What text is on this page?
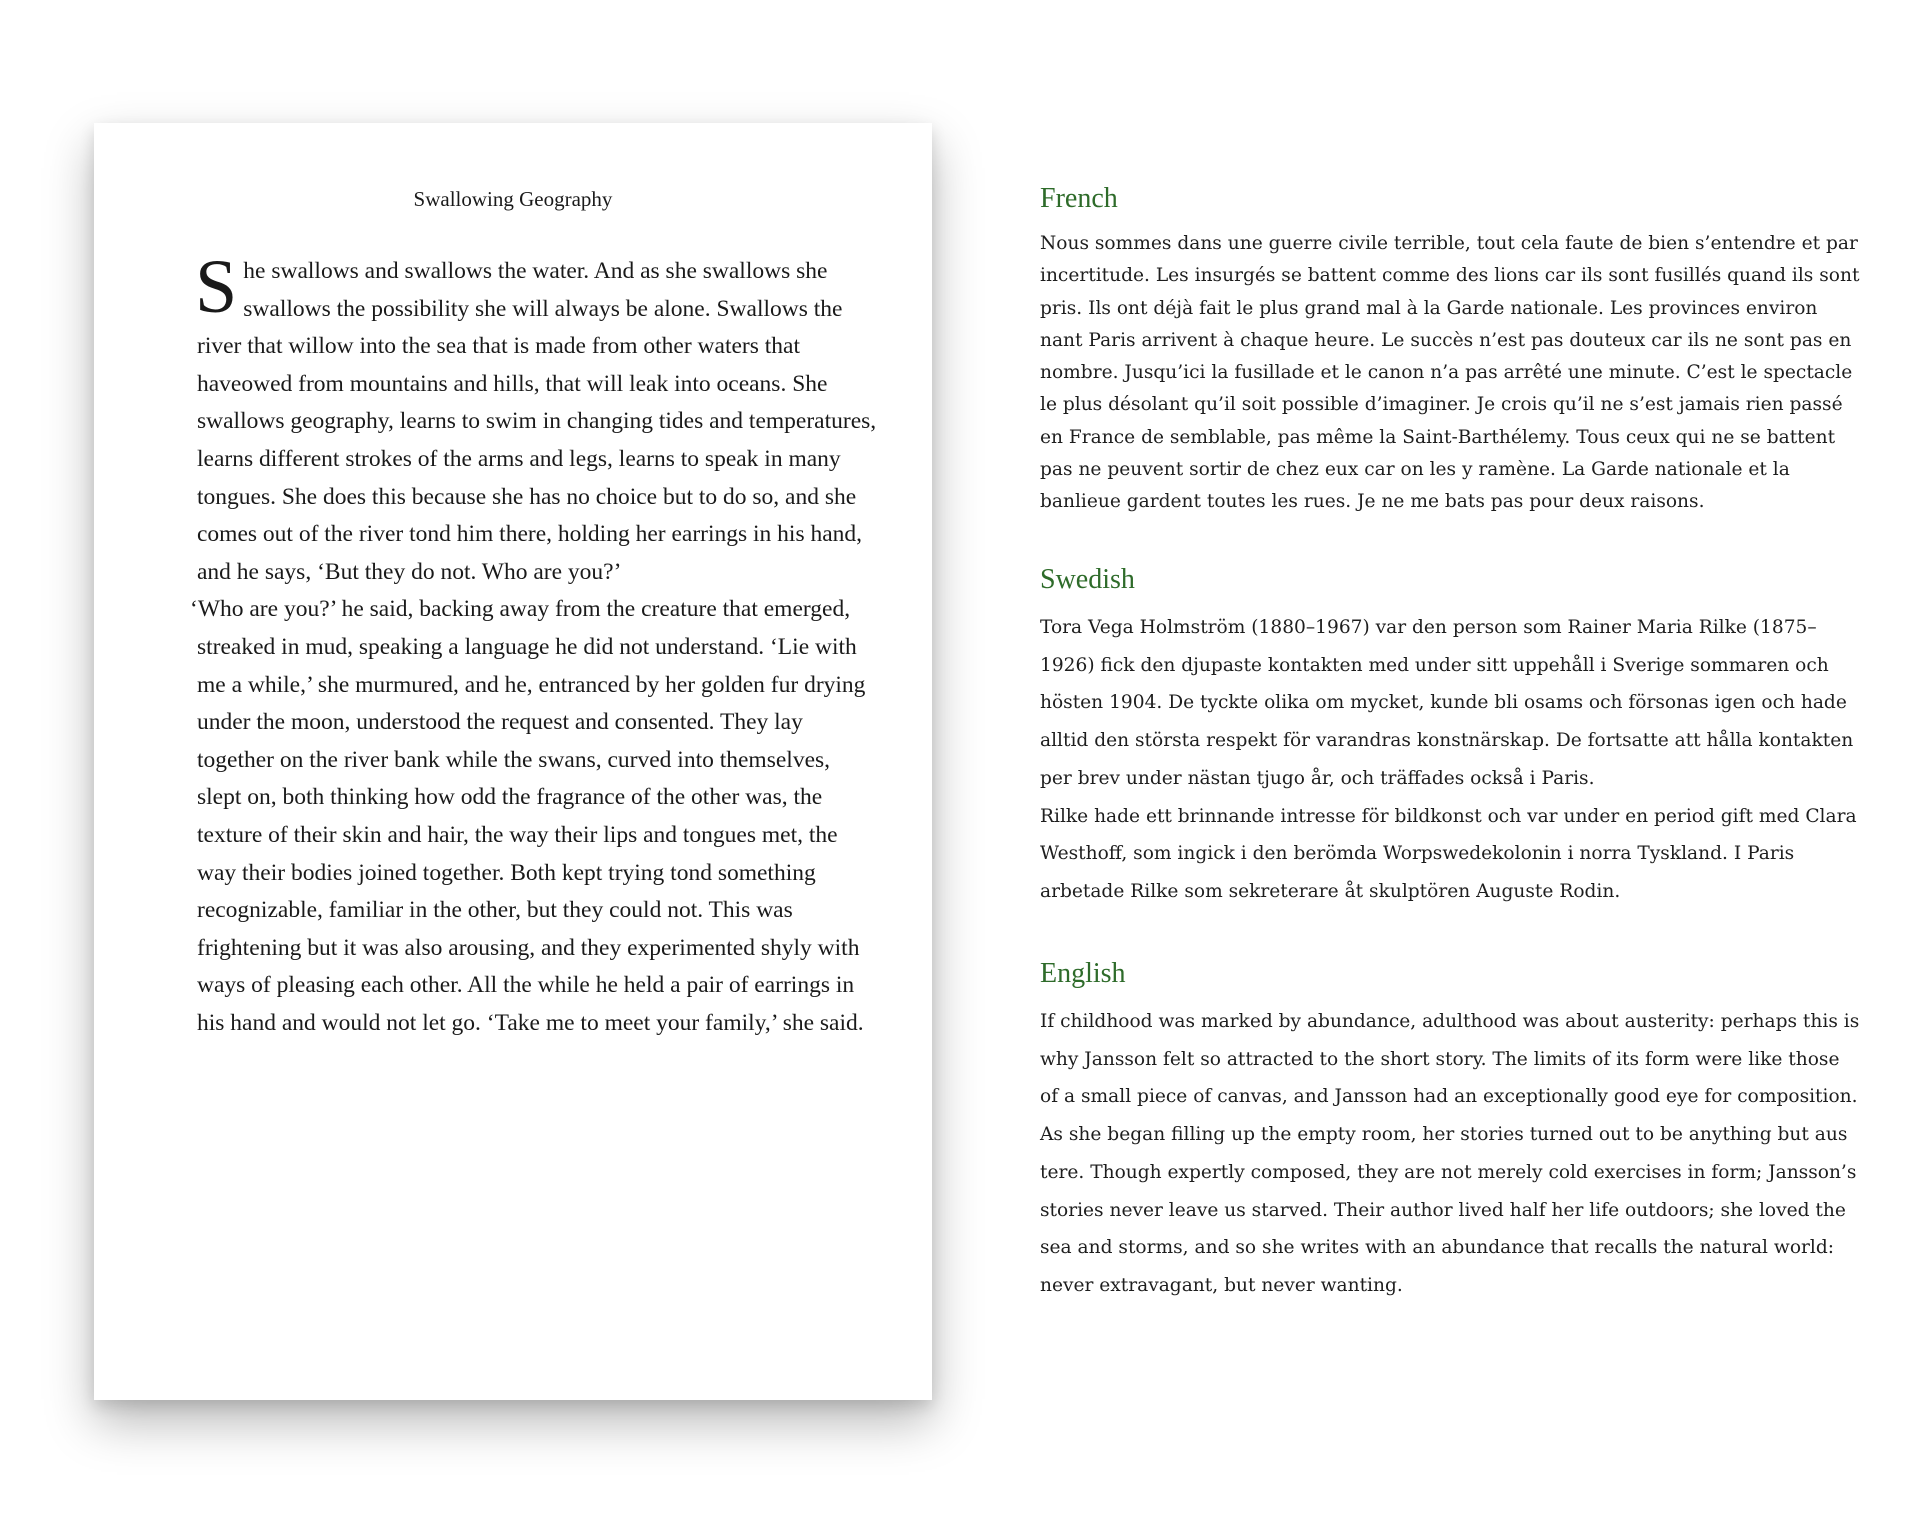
Swallowing Geography

She swallows and swallows the water. And as she swallows she swallows the possibility she will always be alone. Swallows the river that willow into the sea that is made from other waters that haveowed from mountains and hills, that will leak into oceans. She swallows geography, learns to swim in changing tides and temperatures, learns different strokes of the arms and legs, learns to speak in many tongues. She does this because she has no choice but to do so, and she comes out of the river tond him there, holding her earrings in his hand, and he says, ‘But they do not. Who are you?’

‘Who are you?’ he said, backing away from the creature that emerged, streaked in mud, speaking a language he did not understand. ‘Lie with me a while,’ she murmured, and he, entranced by her golden fur drying under the moon, understood the request and consented. They lay together on the river bank while the swans, curved into themselves, slept on, both thinking how odd the fragrance of the other was, the texture of their skin and hair, the way their lips and tongues met, the way their bodies joined together. Both kept trying tond something recognizable, familiar in the other, but they could not. This was frightening but it was also arousing, and they experimented shyly with ways of pleasing each other. All the while he held a pair of earrings in his hand and would not let go. ‘Take me to meet your family,’ she said.

French

Nous sommes dans une guerre civile terrible, tout cela faute de bien s’entendre et par incertitude. Les insurgés se battent comme des lions car ils sont fusillés quand ils sont pris. Ils ont déjà fait le plus grand mal à la Garde nationale. Les provinces environ nant Paris arrivent à chaque heure. Le succès n’est pas douteux car ils ne sont pas en nombre. Jusqu’ici la fusillade et le canon n’a pas arrêté une minute. C’est le spectacle le plus désolant qu’il soit possible d’imaginer. Je crois qu’il ne s’est jamais rien passé en France de semblable, pas même la Saint-Barthélemy. Tous ceux qui ne se battent pas ne peuvent sortir de chez eux car on les y ramène. La Garde nationale et la banlieue gardent toutes les rues. Je ne me bats pas pour deux raisons.

Swedish

Tora Vega Holmström (1880–1967) var den person som Rainer Maria Rilke (1875–1926) fick den djupaste kontakten med under sitt uppehåll i Sverige sommaren och hösten 1904. De tyckte olika om mycket, kunde bli osams och försonas igen och hade alltid den största respekt för varandras konstnärskap. De fortsatte att hålla kontakten per brev under nästan tjugo år, och träffades också i Paris.

Rilke hade ett brinnande intresse för bildkonst och var under en period gift med Clara Westhoff, som ingick i den berömda Worpswedekolonin i norra Tyskland. I Paris arbetade Rilke som sekreterare åt skulptören Auguste Rodin.

English

If childhood was marked by abundance, adulthood was about austerity: perhaps this is why Jansson felt so attracted to the short story. The limits of its form were like those of a small piece of canvas, and Jansson had an exceptionally good eye for composition. As she began filling up the empty room, her stories turned out to be anything but aus tere. Though expertly composed, they are not merely cold exercises in form; Jansson’s stories never leave us starved. Their author lived half her life outdoors; she loved the sea and storms, and so she writes with an abundance that recalls the natural world: never extravagant, but never wanting.
